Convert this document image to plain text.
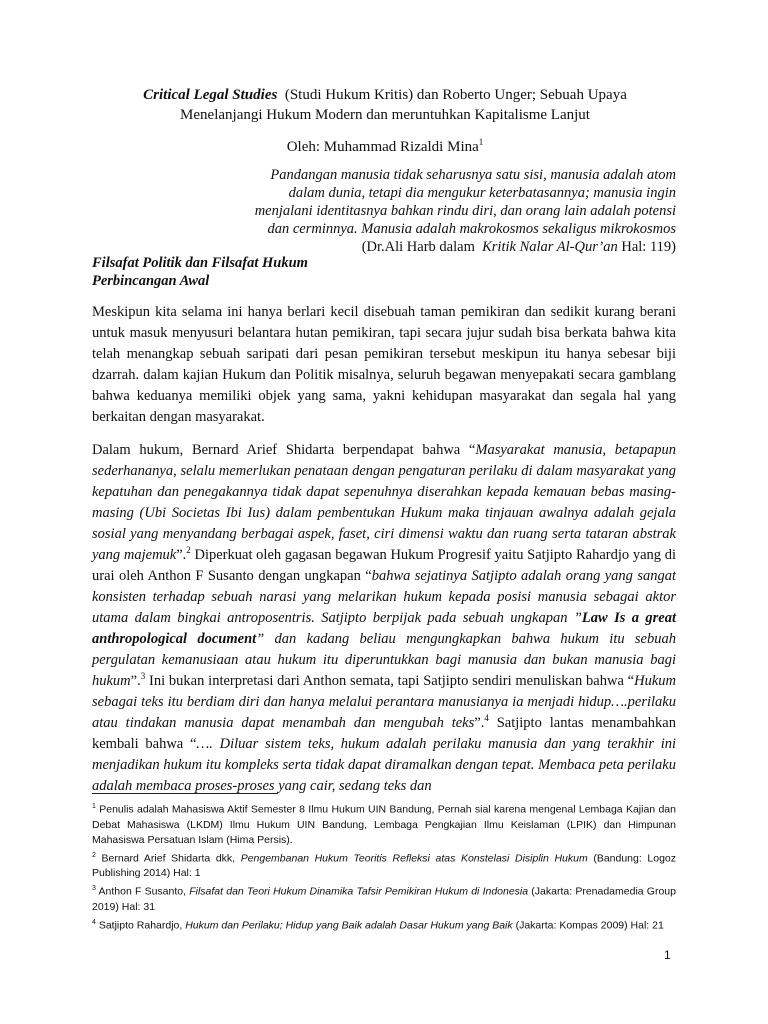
Critical Legal Studies (Studi Hukum Kritis) dan Roberto Unger; Sebuah Upaya
Menelanjangi Hukum Modern dan meruntuhkan Kapitalisme Lanjut
Oleh: Muhammad Rizaldi Mina$^1$
Pandangan manusia tidak seharusnya satu sisi, manusia adalah atom
dalam dunia, tetapi dia mengukur keterbatasannya; manusia ingin
menjalani identitasnya bahkan rindu diri, dan orang lain adalah potensi
dan cerminnya. Manusia adalah makrokosmos sekaligus mikrokosmos
(Dr.Ali Harb dalam Kritik Nalar Al-Qur’an Hal: 119)
Filsafat Politik dan Filsafat Hukum
Perbincangan Awal

Meskipun kita selama ini hanya berlari kecil disebuah taman pemikiran dan sedikit kurang berani untuk masuk menyusuri belantara hutan pemikiran, tapi secara jujur sudah bisa berkata bahwa kita telah menangkap sebuah saripati dari pesan pemikiran tersebut meskipun itu hanya sebesar biji dzarrah. dalam kajian Hukum dan Politik misalnya, seluruh begawan menyepakati secara gamblang bahwa keduanya memiliki objek yang sama, yakni kehidupan masyarakat dan segala hal yang berkaitan dengan masyarakat.

Dalam hukum, Bernard Arief Shidarta berpendapat bahwa “Masyarakat manusia, betapapun sederhananya, selalu memerlukan penataan dengan pengaturan perilaku di dalam masyarakat yang kepatuhan dan penegakannya tidak dapat sepenuhnya diserahkan kepada kemauan bebas masing-masing (Ubi Societas Ibi Ius) dalam pembentukan Hukum maka tinjauan awalnya adalah gejala sosial yang menyandang berbagai aspek, faset, ciri dimensi waktu dan ruang serta tataran abstrak yang majemuk”.$^2$ Diperkuat oleh gagasan begawan Hukum Progresif yaitu Satjipto Rahardjo yang di urai oleh Anthon F Susanto dengan ungkapan “bahwa sejatinya Satjipto adalah orang yang sangat konsisten terhadap sebuah narasi yang melarikan hukum kepada posisi manusia sebagai aktor utama dalam bingkai antroposentris. Satjipto berpijak pada sebuah ungkapan ”Law Is a great anthropological document” dan kadang beliau mengungkapkan bahwa hukum itu sebuah pergulatan kemanusiaan atau hukum itu diperuntukkan bagi manusia dan bukan manusia bagi hukum”.$^3$ Ini bukan interpretasi dari Anthon semata, tapi Satjipto sendiri menuliskan bahwa “Hukum sebagai teks itu berdiam diri dan hanya melalui perantara manusianya ia menjadi hidup….perilaku atau tindakan manusia dapat menambah dan mengubah teks”.$^4$ Satjipto lantas menambahkan kembali bahwa “…. Diluar sistem teks, hukum adalah perilaku manusia dan yang terakhir ini menjadikan hukum itu kompleks serta tidak dapat diramalkan dengan tepat. Membaca peta perilaku adalah membaca proses-proses yang cair, sedang teks dan

$^1$ Penulis adalah Mahasiswa Aktif Semester 8 Ilmu Hukum UIN Bandung, Pernah sial karena mengenal Lembaga Kajian dan Debat Mahasiswa (LKDM) Ilmu Hukum UIN Bandung, Lembaga Pengkajian Ilmu Keislaman (LPIK) dan Himpunan Mahasiswa Persatuan Islam (Hima Persis).

$^2$ Bernard Arief Shidarta dkk, Pengembanan Hukum Teoritis Refleksi atas Konstelasi Disiplin Hukum (Bandung: Logoz Publishing 2014) Hal: 1

$^3$ Anthon F Susanto, Filsafat dan Teori Hukum Dinamika Tafsir Pemikiran Hukum di Indonesia (Jakarta: Prenadamedia Group 2019) Hal: 31

$^4$ Satjipto Rahardjo, Hukum dan Perilaku; Hidup yang Baik adalah Dasar Hukum yang Baik (Jakarta: Kompas 2009) Hal: 21

1
